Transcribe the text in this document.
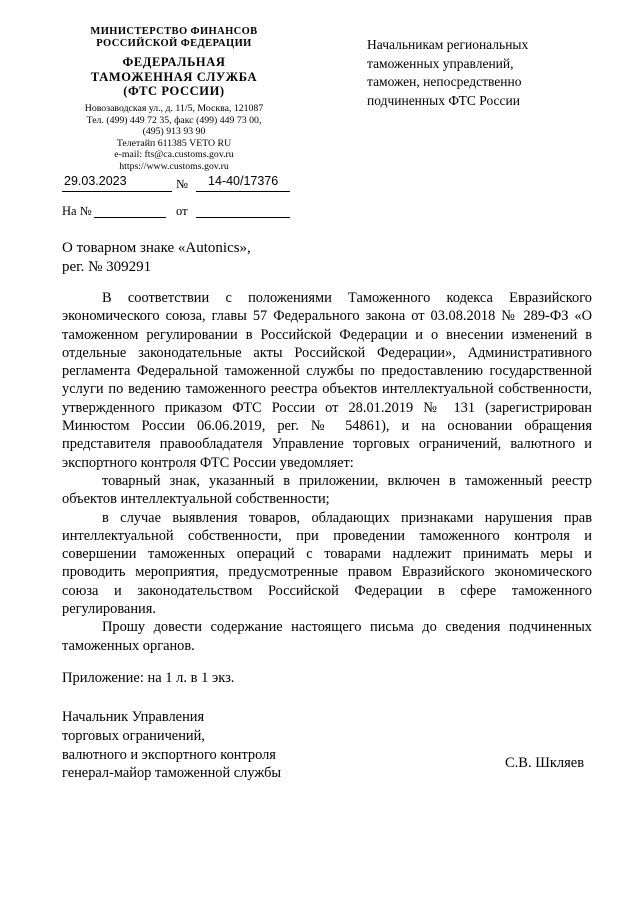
МИНИСТЕРСТВО ФИНАНСОВ
РОССИЙСКОЙ ФЕДЕРАЦИИ
ФЕДЕРАЛЬНАЯ
ТАМОЖЕННАЯ СЛУЖБА
(ФТС РОССИИ)
Новозаводская ул., д. 11/5, Москва, 121087
Тел. (499) 449 72 35, факс (499) 449 73 00,
(495) 913 93 90
Телетайп 611385 VETO RU
e-mail: fts@ca.customs.gov.ru
https://www.customs.gov.ru
Начальникам региональных
таможенных управлений,
таможен, непосредственно
подчиненных ФТС России
29.03.2023	№ 14-40/17376
На №	от
О товарном знаке «Autonics»,
рег. № 309291

В соответствии с положениями Таможенного кодекса Евразийского экономического союза, главы 57 Федерального закона от 03.08.2018 № 289-ФЗ «О таможенном регулировании в Российской Федерации и о внесении изменений в отдельные законодательные акты Российской Федерации», Административного регламента Федеральной таможенной службы по предоставлению государственной услуги по ведению таможенного реестра объектов интеллектуальной собственности, утвержденного приказом ФТС России от 28.01.2019 № 131 (зарегистрирован Минюстом России 06.06.2019, рег. № 54861), и на основании обращения представителя правообладателя Управление торговых ограничений, валютного и экспортного контроля ФТС России уведомляет:

товарный знак, указанный в приложении, включен в таможенный реестр объектов интеллектуальной собственности;

в случае выявления товаров, обладающих признаками нарушения прав интеллектуальной собственности, при проведении таможенного контроля и совершении таможенных операций с товарами надлежит принимать меры и проводить мероприятия, предусмотренные правом Евразийского экономического союза и законодательством Российской Федерации в сфере таможенного регулирования.

Прошу довести содержание настоящего письма до сведения подчиненных таможенных органов.

Приложение: на 1 л. в 1 экз.
Начальник Управления
торговых ограничений,
валютного и экспортного контроля
генерал-майор таможенной службы
С.В. Шкляев
